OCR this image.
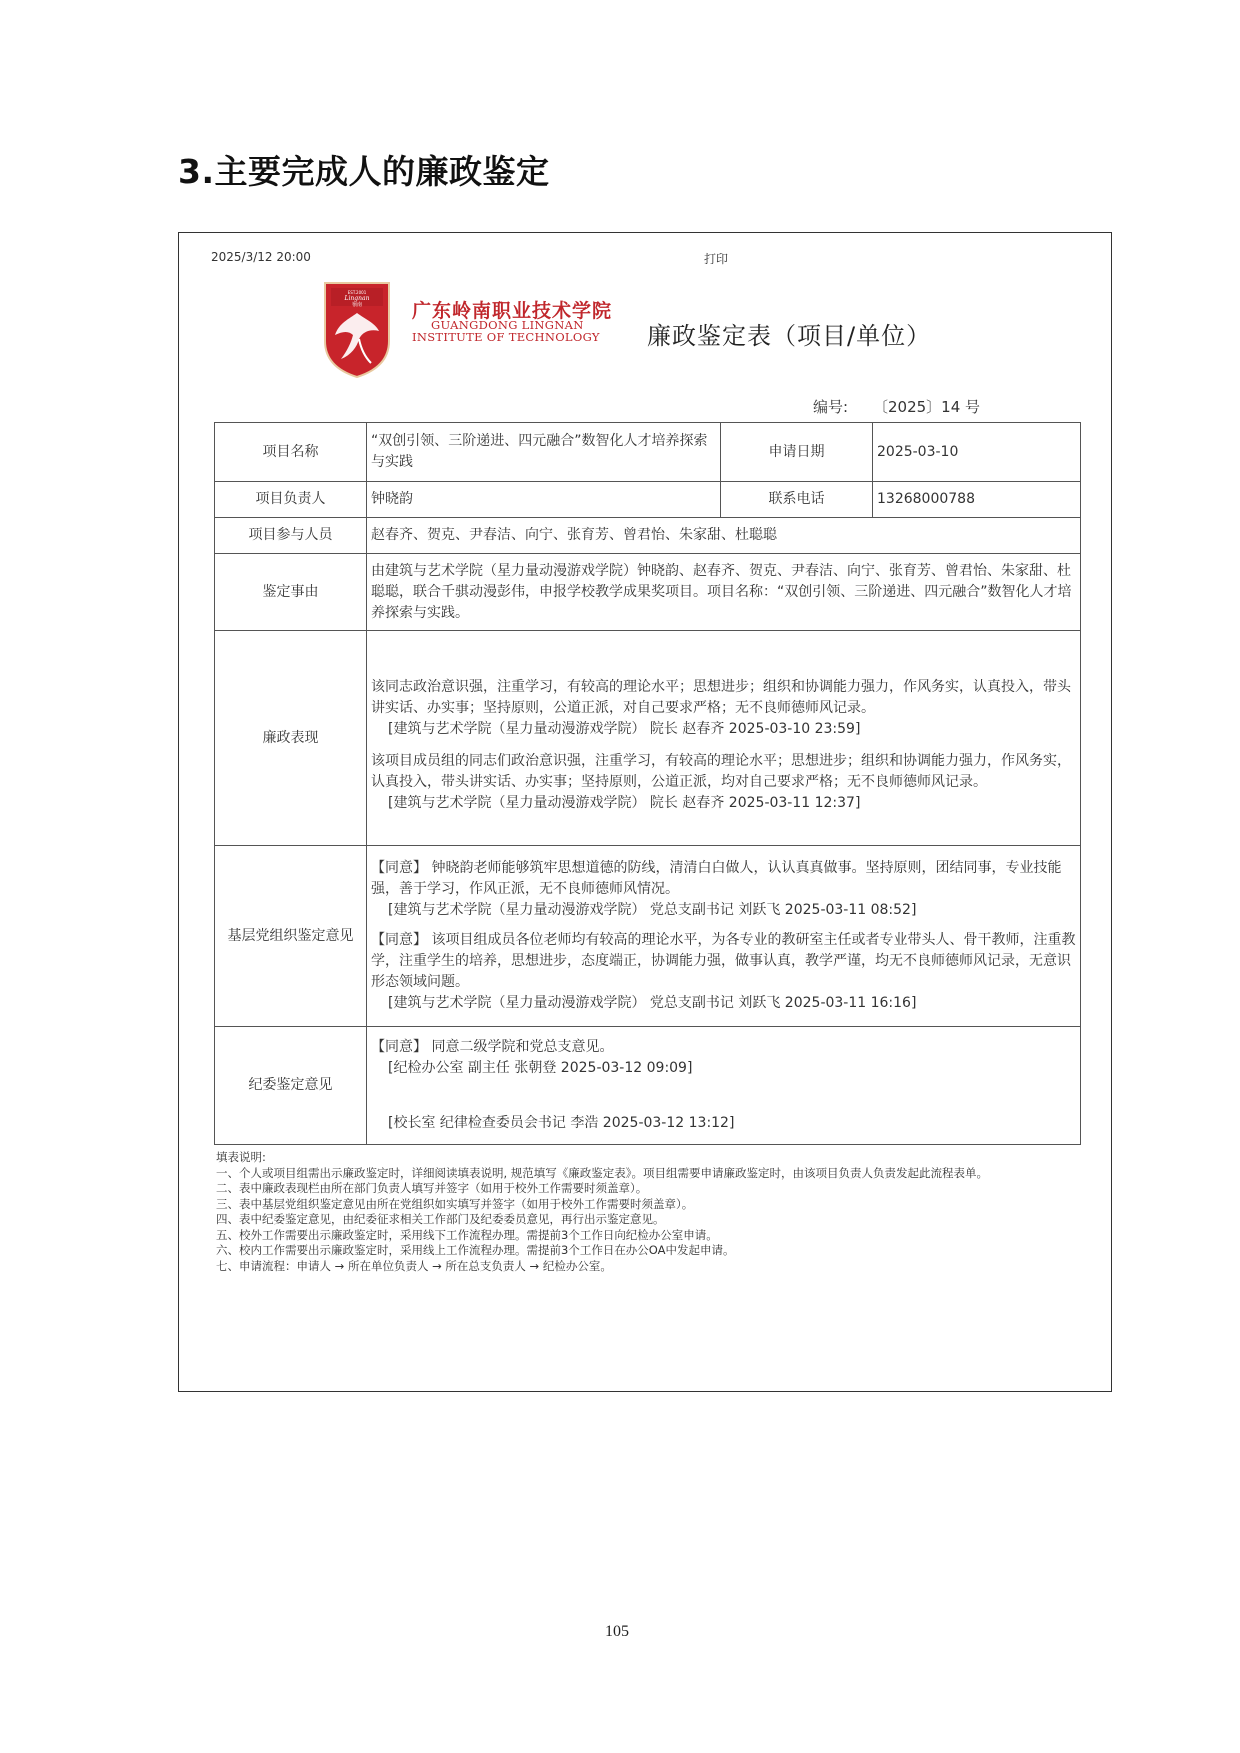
3.主要完成人的廉政鉴定
2025/3/12 20:00	打印
EST.2001
Lingnan
嶺南	广东岭南职业技术学院
GUANGDONG LINGNAN
INSTITUTE OF TECHNOLOGY 廉政鉴定表（项目/单位）
编号: 〔2025〕14 号
项目名称	“双创引领、三阶递进、四元融合”数智化人才培养探索与实践	申请日期	2025-03-10
项目负责人	钟晓韵	联系电话	13268000788
项目参与人员	赵春齐、贺克、尹春洁、向宁、张育芳、曾君怡、朱家甜、杜聪聪		
鉴定事由	由建筑与艺术学院（星力量动漫游戏学院）钟晓韵、赵春齐、贺克、尹春洁、向宁、张育芳、曾君怡、朱家甜、杜聪聪，联合千骐动漫彭伟，申报学校教学成果奖项目。项目名称：“双创引领、三阶递进、四元融合”数智化人才培养探索与实践。		
廉政表现	该同志政治意识强，注重学习，有较高的理论水平；思想进步；组织和协调能力强力，作风务实，认真投入，带头讲实话、办实事；坚持原则，公道正派，对自己要求严格；无不良师德师风记录。
[建筑与艺术学院（星力量动漫游戏学院） 院长 赵春齐 2025-03-10 23:59]
该项目成员组的同志们政治意识强，注重学习，有较高的理论水平；思想进步；组织和协调能力强力，作风务实，认真投入，带头讲实话、办实事；坚持原则，公道正派，均对自己要求严格；无不良师德师风记录。
[建筑与艺术学院（星力量动漫游戏学院） 院长 赵春齐 2025-03-11 12:37]		

基层党组织鉴定意见	【同意】 钟晓韵老师能够筑牢思想道德的防线，清清白白做人，认认真真做事。坚持原则，团结同事，专业技能强，善于学习，作风正派，无不良师德师风情况。
[建筑与艺术学院（星力量动漫游戏学院） 党总支副书记 刘跃飞 2025-03-11 08:52]
【同意】 该项目组成员各位老师均有较高的理论水平，为各专业的教研室主任或者专业带头人、骨干教师，注重教学，注重学生的培养，思想进步，态度端正，协调能力强，做事认真，教学严谨，均无不良师德师风记录，无意识形态领域问题。
[建筑与艺术学院（星力量动漫游戏学院） 党总支副书记 刘跃飞 2025-03-11 16:16]		

纪委鉴定意见	【同意】 同意二级学院和党总支意见。
[纪检办公室 副主任 张朝登 2025-03-12 09:09]
[校长室 纪律检查委员会书记 李浩 2025-03-12 13:12]		
填表说明:
一、个人或项目组需出示廉政鉴定时，详细阅读填表说明, 规范填写《廉政鉴定表》。项目组需要申请廉政鉴定时，由该项目负责人负责发起此流程表单。
二、表中廉政表现栏由所在部门负责人填写并签字（如用于校外工作需要时须盖章）。
三、表中基层党组织鉴定意见由所在党组织如实填写并签字（如用于校外工作需要时须盖章）。
四、表中纪委鉴定意见，由纪委征求相关工作部门及纪委委员意见，再行出示鉴定意见。
五、校外工作需要出示廉政鉴定时，采用线下工作流程办理。需提前3个工作日向纪检办公室申请。
六、校内工作需要出示廉政鉴定时，采用线上工作流程办理。需提前3个工作日在办公OA中发起申请。
七、申请流程：申请人 → 所在单位负责人 → 所在总支负责人 → 纪检办公室。
105
